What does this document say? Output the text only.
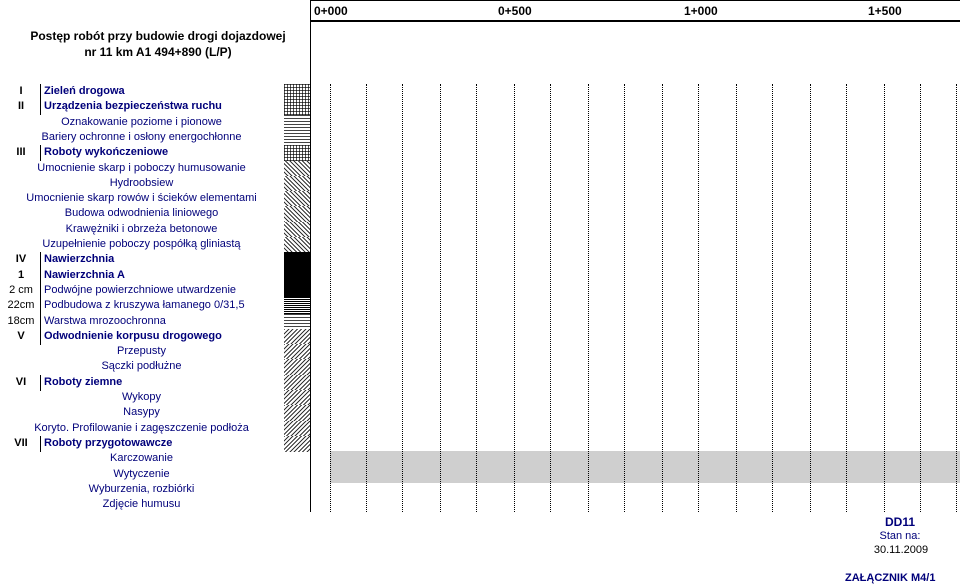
Postęp robót przy budowie drogi dojazdowej
nr 11 km A1 494+890 (L/P)
0+000	0+500	1+000	1+500
I	Zieleń drogowa
II	Urządzenia bezpieczeństwa ruchu
Oznakowanie poziome i pionowe
Bariery ochronne i osłony energochłonne
III	Roboty wykończeniowe
Umocnienie skarp i poboczy humusowanie
Hydroobsiew
Umocnienie skarp rowów i ścieków elementami
Budowa odwodnienia liniowego
Krawężniki i obrzeża betonowe
Uzupełnienie poboczy pospółką gliniastą
IV	Nawierzchnia
1	Nawierzchnia A
2 cm	Podwójne powierzchniowe utwardzenie
22cm Podbudowa z kruszywa łamanego 0/31,5
18cm Warstwa mrozoochronna
V	Odwodnienie korpusu drogowego
Przepusty
Sączki podłużne
VI	Roboty ziemne
Wykopy
Nasypy
Koryto. Profilowanie i zagęszczenie podłoża
VII	Roboty przygotowawcze
Karczowanie
Wytyczenie
Wyburzenia, rozbiórki
Zdjęcie humusu
DD11
Stan na:
30.11.2009
ZAŁĄCZNIK M4/1
